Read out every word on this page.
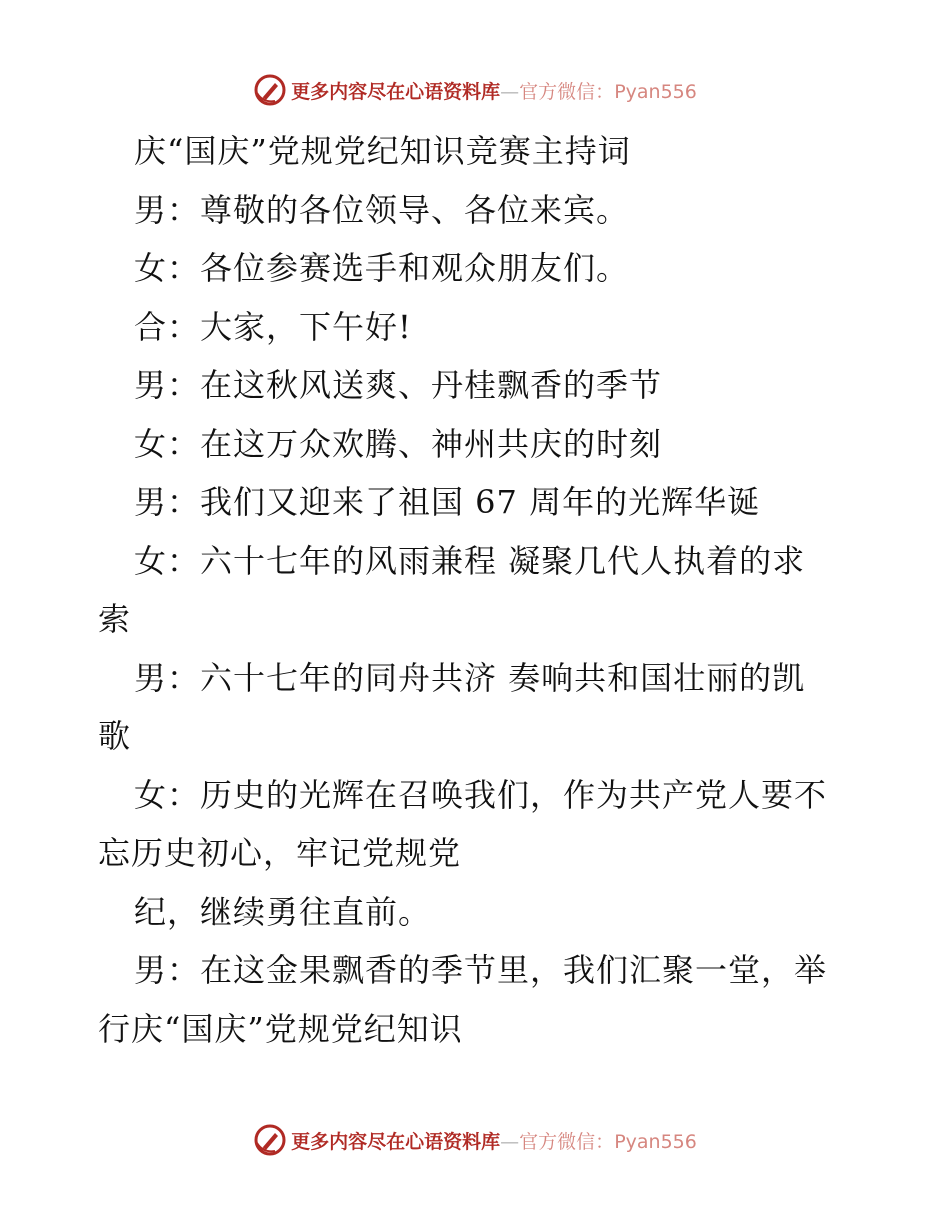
更多内容尽在心语资料库—官方微信：Pyan556
庆“国庆”党规党纪知识竞赛主持词
男：尊敬的各位领导、各位来宾。
女：各位参赛选手和观众朋友们。
合：大家，下午好!
男：在这秋风送爽、丹桂飘香的季节
女：在这万众欢腾、神州共庆的时刻
男：我们又迎来了祖国 67 周年的光辉华诞
女：六十七年的风雨兼程 凝聚几代人执着的求
索
男：六十七年的同舟共济 奏响共和国壮丽的凯
歌
女：历史的光辉在召唤我们，作为共产党人要不
忘历史初心，牢记党规党
纪，继续勇往直前。
男：在这金果飘香的季节里，我们汇聚一堂，举
行庆“国庆”党规党纪知识
更多内容尽在心语资料库—官方微信：Pyan556
